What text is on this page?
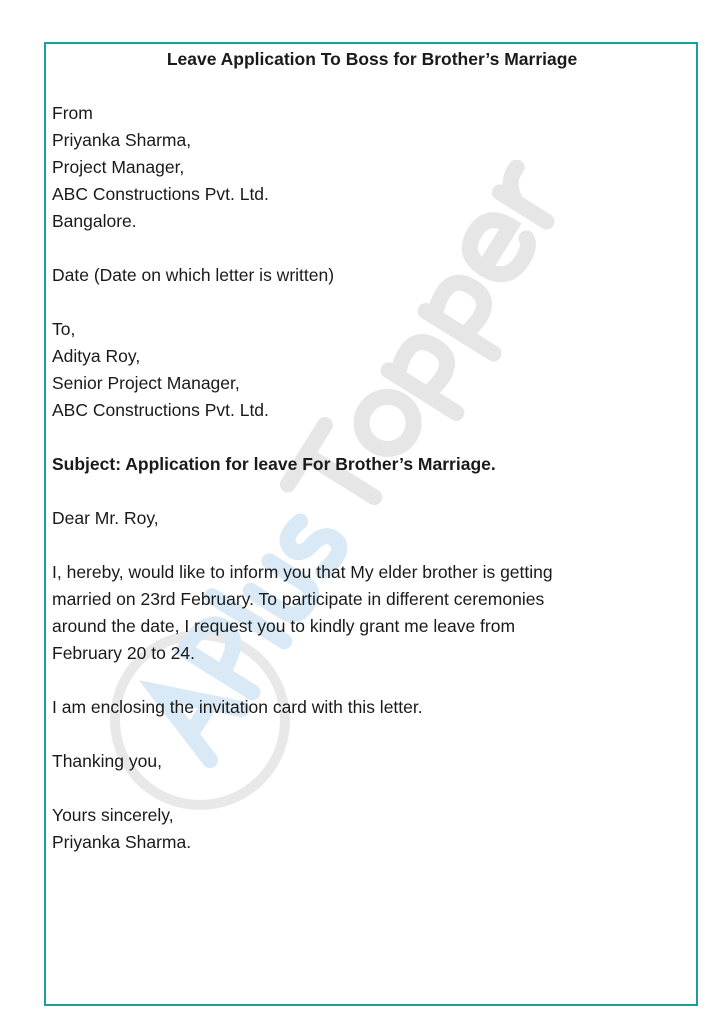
Leave Application To Boss for Brother’s Marriage
From
Priyanka Sharma,
Project Manager,
ABC Constructions Pvt. Ltd.
Bangalore.
Date (Date on which letter is written)
To,
Aditya Roy,
Senior Project Manager,
ABC Constructions Pvt. Ltd.
Subject: Application for leave For Brother’s Marriage.
Dear Mr. Roy,
I, hereby, would like to inform you that My elder brother is getting
married on 23rd February. To participate in different ceremonies
around the date, I request you to kindly grant me leave from
February 20 to 24.
I am enclosing the invitation card with this letter.
Thanking you,
Yours sincerely,
Priyanka Sharma.
